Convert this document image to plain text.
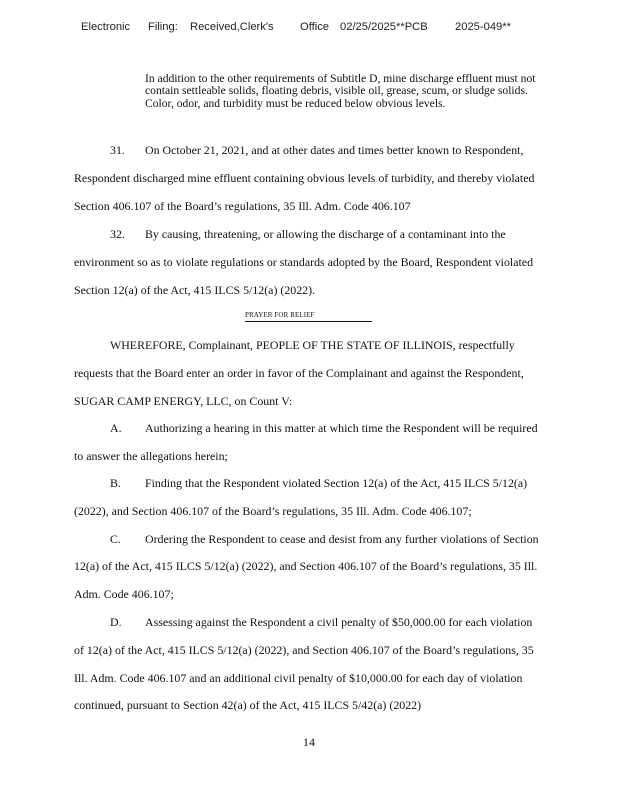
Electronic Filing: Received,Clerk's Office 02/25/2025**PCB 2025-049**

In addition to the other requirements of Subtitle D, mine discharge effluent must not contain settleable solids, floating debris, visible oil, grease, scum, or sludge solids. Color, odor, and turbidity must be reduced below obvious levels.

31. On October 21, 2021, and at other dates and times better known to Respondent,
Respondent discharged mine effluent containing obvious levels of turbidity, and thereby violated
Section 406.107 of the Board’s regulations, 35 Ill. Adm. Code 406.107
32. By causing, threatening, or allowing the discharge of a contaminant into the
environment so as to violate regulations or standards adopted by the Board, Respondent violated
Section 12(a) of the Act, 415 ILCS 5/12(a) (2022).
PRAYER FOR RELIEF
WHEREFORE, Complainant, PEOPLE OF THE STATE OF ILLINOIS, respectfully
requests that the Board enter an order in favor of the Complainant and against the Respondent,
SUGAR CAMP ENERGY, LLC, on Count V:
A. Authorizing a hearing in this matter at which time the Respondent will be required
to answer the allegations herein;
B. Finding that the Respondent violated Section 12(a) of the Act, 415 ILCS 5/12(a)
(2022), and Section 406.107 of the Board’s regulations, 35 Ill. Adm. Code 406.107;
C. Ordering the Respondent to cease and desist from any further violations of Section
12(a) of the Act, 415 ILCS 5/12(a) (2022), and Section 406.107 of the Board’s regulations, 35 Ill.
Adm. Code 406.107;
D. Assessing against the Respondent a civil penalty of $50,000.00 for each violation
of 12(a) of the Act, 415 ILCS 5/12(a) (2022), and Section 406.107 of the Board’s regulations, 35
Ill. Adm. Code 406.107 and an additional civil penalty of $10,000.00 for each day of violation
continued, pursuant to Section 42(a) of the Act, 415 ILCS 5/42(a) (2022)
14
